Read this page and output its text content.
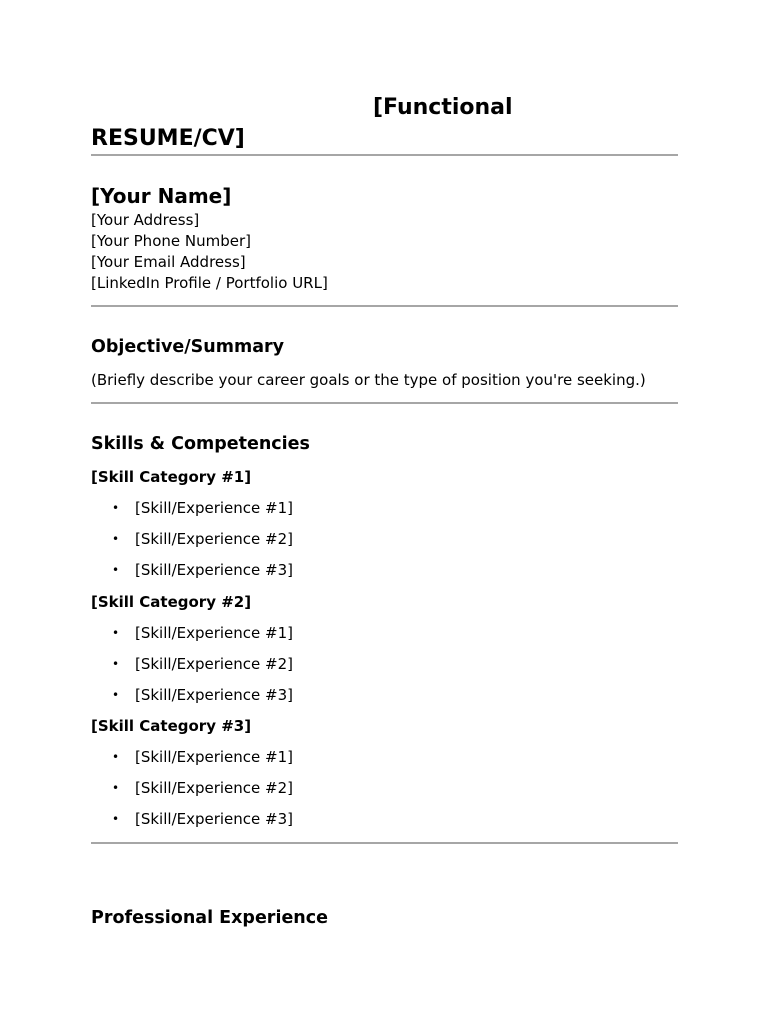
[Functional
RESUME/CV]
[Your Name]
[Your Address]
[Your Phone Number]
[Your Email Address]
[LinkedIn Profile / Portfolio URL]
Objective/Summary
(Briefly describe your career goals or the type of position you're seeking.)
Skills & Competencies
[Skill Category #1]
• [Skill/Experience #1]
• [Skill/Experience #2]
• [Skill/Experience #3]
[Skill Category #2]
• [Skill/Experience #1]
• [Skill/Experience #2]
• [Skill/Experience #3]
[Skill Category #3]
• [Skill/Experience #1]
• [Skill/Experience #2]
• [Skill/Experience #3]
Professional Experience
